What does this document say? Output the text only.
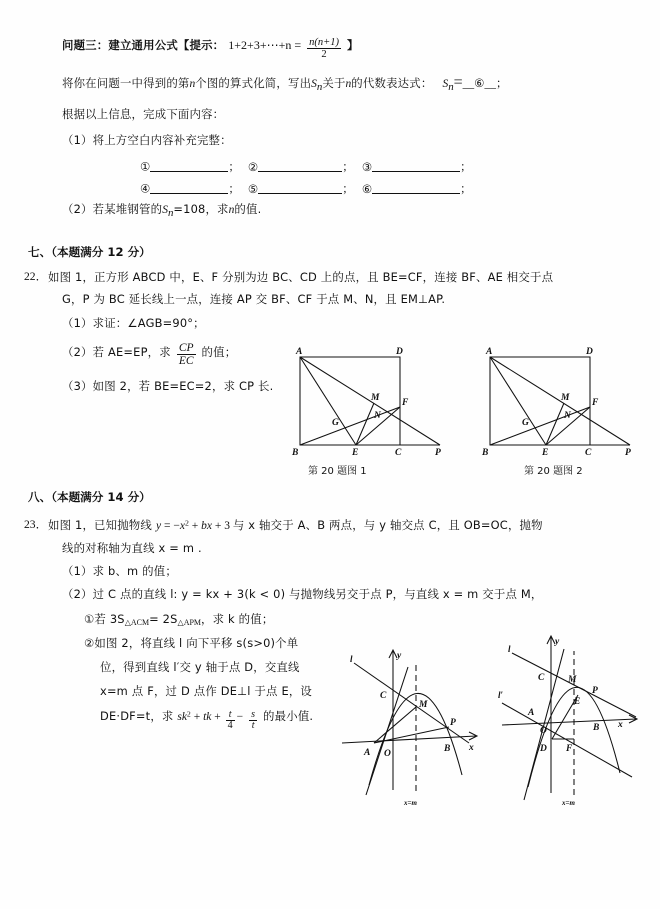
问题三：建立通用公式【提示： 1+2+3+⋯+n = $\frac{n(n+1)}{2}$ 】
将你在问题一中得到的第n个图的算式化简，写出$S_n$关于n的代数表达式： $S_n=\_\_⑥\_\_$；
根据以上信息，完成下面内容：
（1）将上方空白内容补充完整：
①	； ②	； ③	；
④	； ⑤	； ⑥	；
（2）若某堆钢管的$S_n=108$，求n的值.
七、（本题满分 12 分）
22． 如图 1，正方形 ABCD 中，E、F 分别为边 BC、CD 上的点，且 BE=CF，连接 BF、AE 相交于点
G，P 为 BC 延长线上一点，连接 AP 交 BF、CF 于点 M、N，且 EM⊥AP.
（1）求证：∠AGB=90°；
（2）若 AE=EP，求 $\frac{CP}{EC}$ 的值；
（3）如图 2，若 BE=EC=2，求 CP 长.
A	D
B	E	C	P
G
M
N
F
第 20 题图 1
A	D
B	E	C	P
G
M
N
F
第 20 题图 2
八、（本题满分 14 分）
23． 如图 1，已知抛物线 $y = -x^2$ + bx + 3 与 x 轴交于 A、B 两点，与 y 轴交点 C，且 OB=OC，抛物
线的对称轴为直线 x = m .
（1）求 b、m 的值；
（2）过 C 点的直线 l: y = kx + 3(k < 0) 与抛物线另交于点 P，与直线 x = m 交于点 M，
①若 $3S_{\triangle ACM}= 2S_{\triangle APM}$，求 k 的值；
②如图 2，将直线 l 向下平移 s(s>0)个单
位，得到直线 l′交 y 轴于点 D，交直线
x=m 点 F，过 D 点作 DE⊥l 于点 E，设
DE·DF=t，求 $sk^2$ + tk + $\frac{t}{4} - \frac{s}{t}$ 的最小值.
l	y
C
M
P
A O	B x
x=m
l
l′
y
C M
E
P
A
O	B x
D F
x=m
